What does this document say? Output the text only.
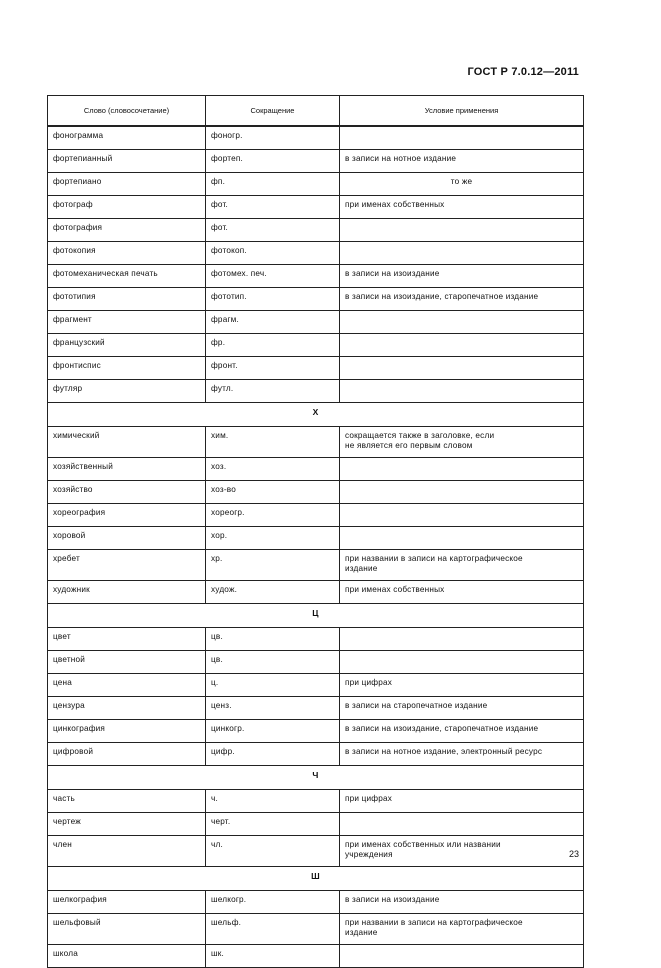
ГОСТ Р 7.0.12—2011
Слово (словосочетание)	Сокращение	Условие применения
фонограмма	фоногр.	
фортепианный	фортеп.	в записи на нотное издание
фортепиано	фп.	то же
фотограф	фот.	при именах собственных
фотография	фот.	
фотокопия	фотокоп.	
фотомеханическая печать	фотомех. печ.	в записи на изоиздание
фототипия	фототип.	в записи на изоиздание, старопечатное издание
фрагмент	фрагм.	
французский	фр.	
фронтиспис	фронт.	
футляр	футл.	
Х		
химический	хим.	сокращается также в заголовке, если
не является его первым словом

хозяйственный	хоз.	
хозяйство	хоз-во	
хореография	хореогр.	
хоровой	хор.	
хребет	хр.	при названии в записи на картографическое
издание

художник	худож.	при именах собственных
Ц		
цвет	цв.	
цветной	цв.	
цена	ц.	при цифрах
цензура	ценз.	в записи на старопечатное издание
цинкография	цинкогр.	в записи на изоиздание, старопечатное издание
цифровой	цифр.	в записи на нотное издание, электронный ресурс
Ч		
часть	ч.	при цифрах
чертеж	черт.	
член	чл.	при именах собственных или названии
учреждения

Ш		
шелкография	шелкогр.	в записи на изоиздание
шельфовый	шельф.	при названии в записи на картографическое
издание

школа	шк.	
23
